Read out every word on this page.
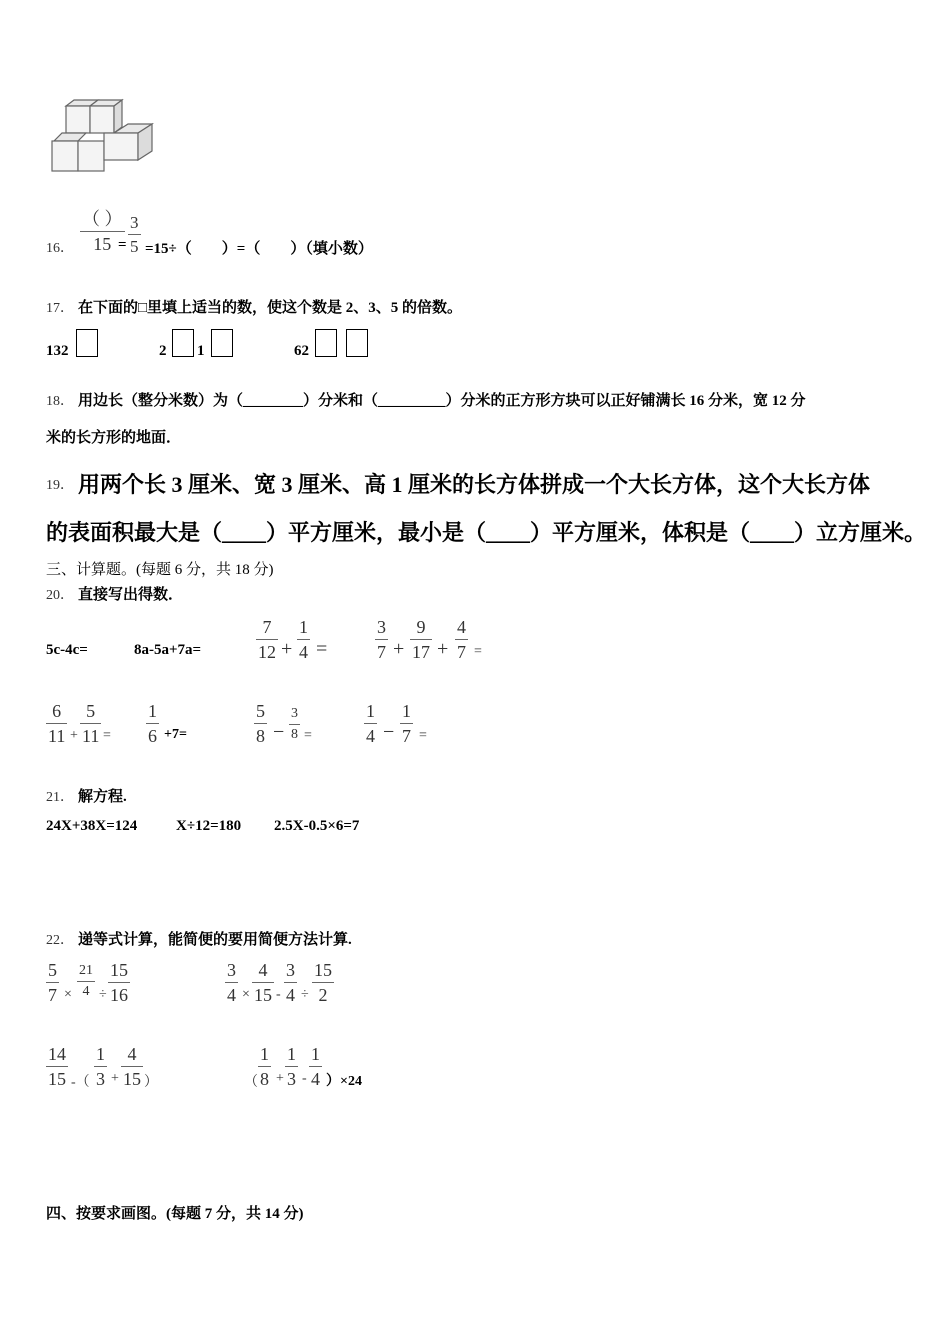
16．
（ ）
15 =
3
5 =15÷（　　）=（　　）（填小数）
17． 在下面的□里填上适当的数，使这个数是 2、3、5 的倍数。
132	2 1	62
18． 用边长（整分米数）为（________）分米和（_________）分米的正方形方块可以正好铺满长 16 分米，宽 12 分
米的长方形的地面．
19． 用两个长 3 厘米、宽 3 厘米、高 1 厘米的长方体拼成一个大长方体，这个大长方体
的表面积最大是（____）平方厘米，最小是（____）平方厘米，体积是（____）立方厘米。
三、计算题。(每题 6 分，共 18 分)
20． 直接写出得数．
5c-4c=	8a-5a+7a=
7
12 +
1
4 =
3
7 +
9
17 +
4
7 =
6
11 +
5
11 =
1
6 +7=
5
8 −
3
8 =
1
4 −
1
7 =
21． 解方程.
24X+38X=124	X÷12=180 2.5X-0.5×6=7
22． 递等式计算，能简便的要用简便方法计算.
5
7 ×
21
4 ÷
15
16
3
4 ×
4
15 -
3
4 ÷
15
2
14
15 -（
1
3 +
4
15 ）	（
1
8 +
1
3 -
1
4 ）×24
四、按要求画图。(每题 7 分，共 14 分)
